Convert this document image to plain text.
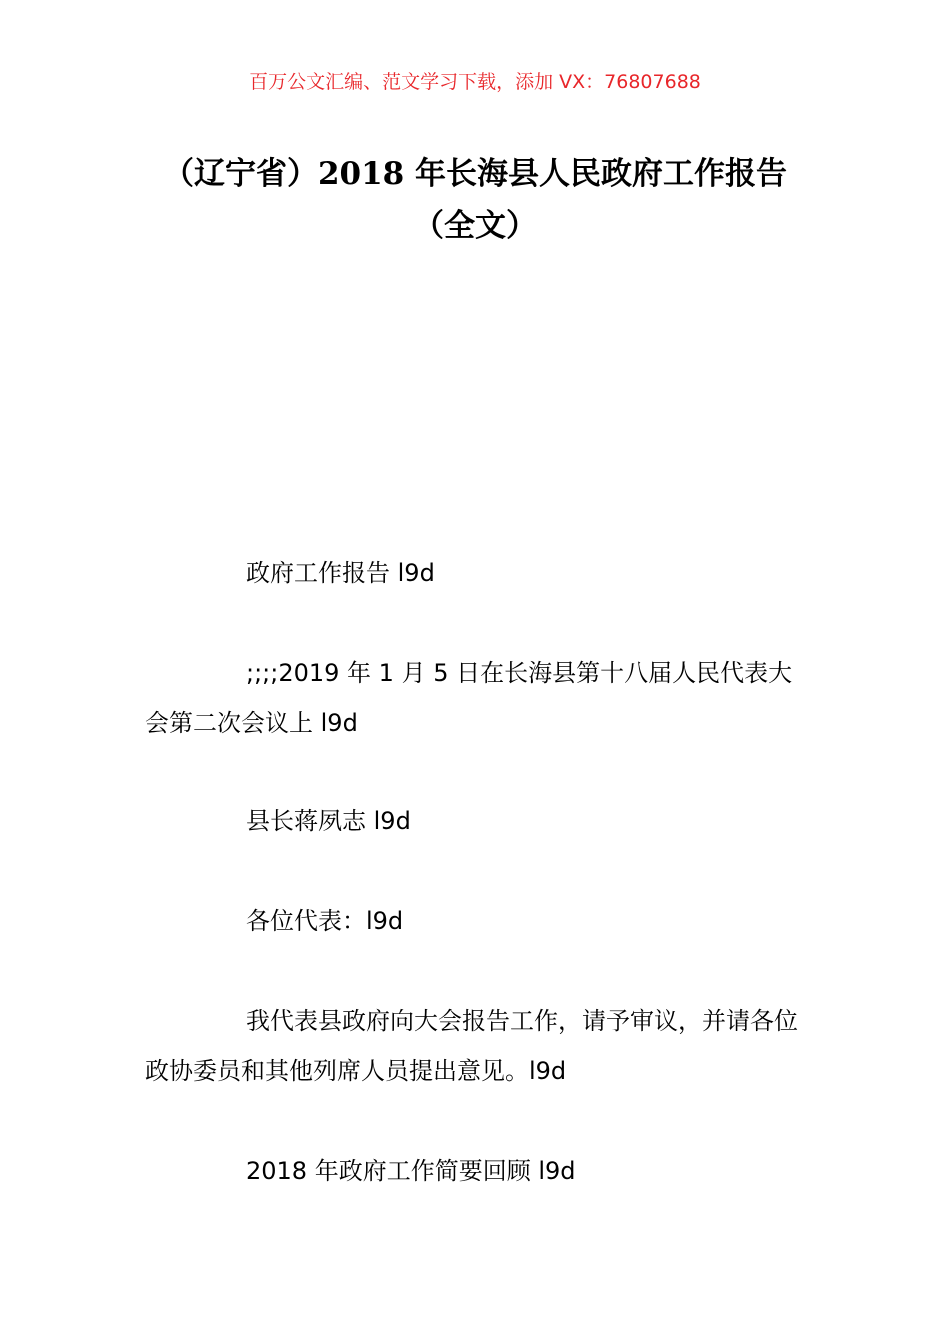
百万公文汇编、范文学习下载，添加 VX：76807688
（辽宁省）2018 年长海县人民政府工作报告（全文）

政府工作报告 l9d

;;;;2019 年 1 月 5 日在长海县第十八届人民代表大会第二次会议上 l9d

县长蒋夙志 l9d

各位代表：l9d

我代表县政府向大会报告工作，请予审议，并请各位政协委员和其他列席人员提出意见。l9d

2018 年政府工作简要回顾 l9d
